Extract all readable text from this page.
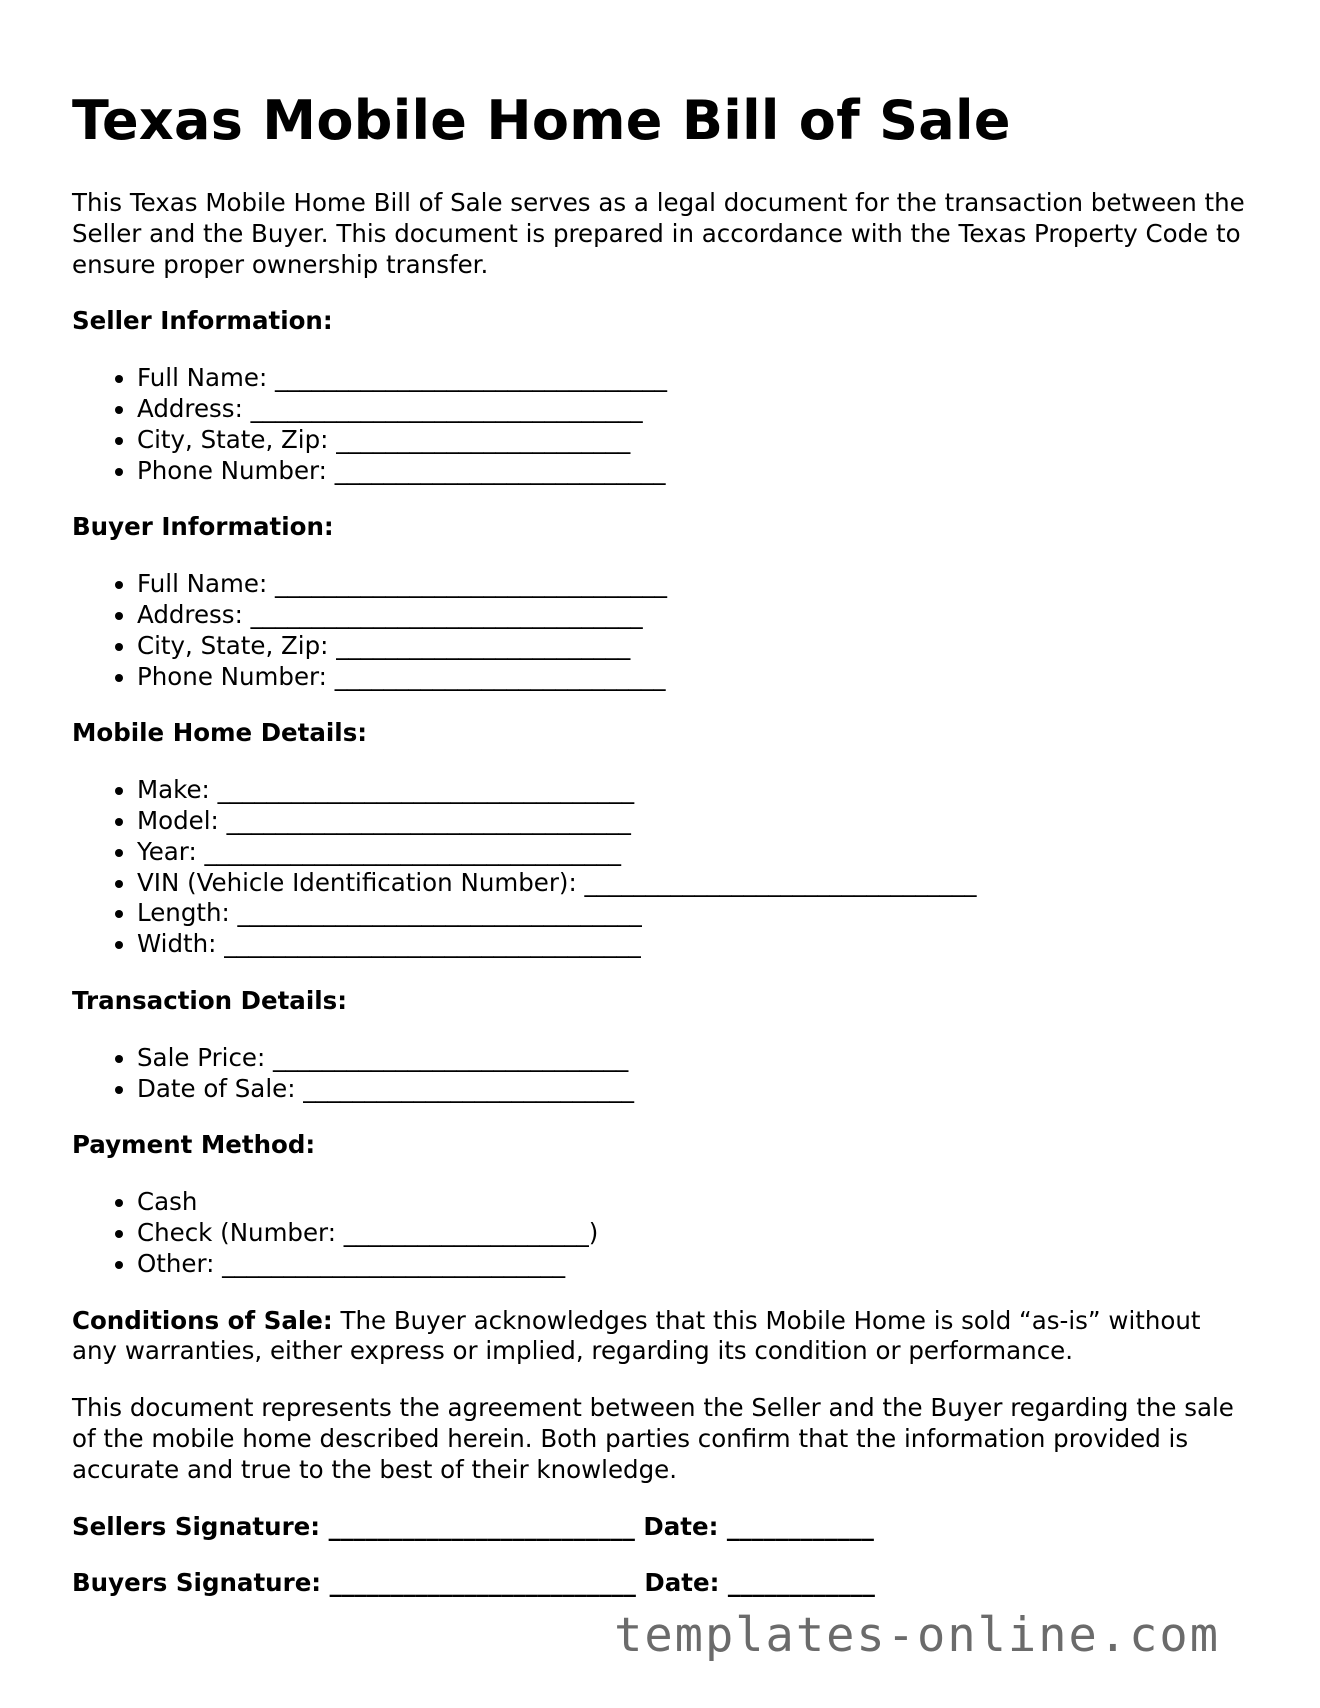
Texas Mobile Home Bill of Sale

This Texas Mobile Home Bill of Sale serves as a legal document for the transaction between the Seller and the Buyer. This document is prepared in accordance with the Texas Property Code to ensure proper ownership transfer.

Seller Information:
• Full Name: ________________________________
• Address: ________________________________
• City, State, Zip: ________________________
• Phone Number: ___________________________
Buyer Information:
• Full Name: ________________________________
• Address: ________________________________
• City, State, Zip: ________________________
• Phone Number: ___________________________
Mobile Home Details:
• Make: __________________________________
• Model: _________________________________
• Year: __________________________________
• VIN (Vehicle Identification Number): ________________________________
• Length: _________________________________
• Width: __________________________________
Transaction Details:
• Sale Price: _____________________________
• Date of Sale: ___________________________
Payment Method:
• Cash
• Check (Number: ____________________)
• Other: ____________________________

Conditions of Sale: The Buyer acknowledges that this Mobile Home is sold “as-is” without any warranties, either express or implied, regarding its condition or performance.

This document represents the agreement between the Seller and the Buyer regarding the sale of the mobile home described herein. Both parties confirm that the information provided is accurate and true to the best of their knowledge.

Sellers Signature: _________________________ Date: ____________
Buyers Signature: _________________________ Date: ____________
templates-online.com
